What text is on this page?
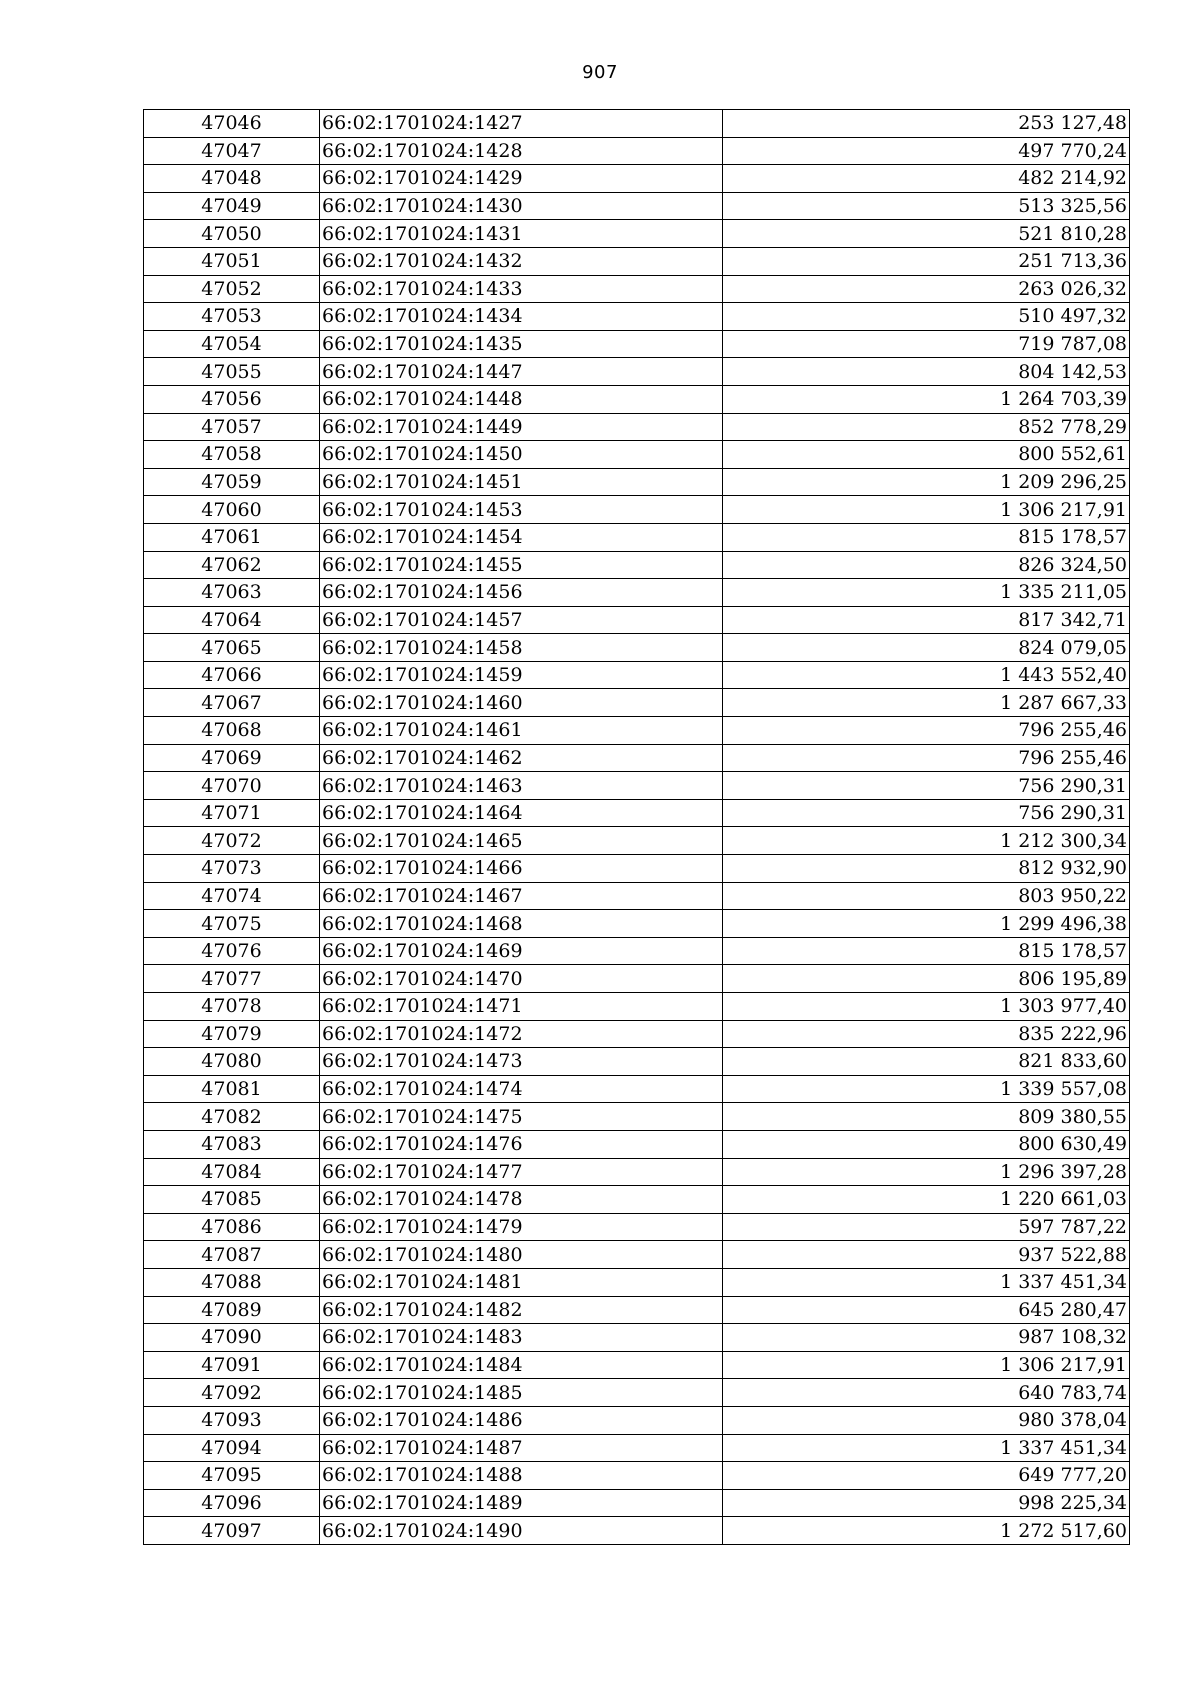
907
47046	66:02:1701024:1427	253 127,48
47047	66:02:1701024:1428	497 770,24
47048	66:02:1701024:1429	482 214,92
47049	66:02:1701024:1430	513 325,56
47050	66:02:1701024:1431	521 810,28
47051	66:02:1701024:1432	251 713,36
47052	66:02:1701024:1433	263 026,32
47053	66:02:1701024:1434	510 497,32
47054	66:02:1701024:1435	719 787,08
47055	66:02:1701024:1447	804 142,53
47056	66:02:1701024:1448	1 264 703,39
47057	66:02:1701024:1449	852 778,29
47058	66:02:1701024:1450	800 552,61
47059	66:02:1701024:1451	1 209 296,25
47060	66:02:1701024:1453	1 306 217,91
47061	66:02:1701024:1454	815 178,57
47062	66:02:1701024:1455	826 324,50
47063	66:02:1701024:1456	1 335 211,05
47064	66:02:1701024:1457	817 342,71
47065	66:02:1701024:1458	824 079,05
47066	66:02:1701024:1459	1 443 552,40
47067	66:02:1701024:1460	1 287 667,33
47068	66:02:1701024:1461	796 255,46
47069	66:02:1701024:1462	796 255,46
47070	66:02:1701024:1463	756 290,31
47071	66:02:1701024:1464	756 290,31
47072	66:02:1701024:1465	1 212 300,34
47073	66:02:1701024:1466	812 932,90
47074	66:02:1701024:1467	803 950,22
47075	66:02:1701024:1468	1 299 496,38
47076	66:02:1701024:1469	815 178,57
47077	66:02:1701024:1470	806 195,89
47078	66:02:1701024:1471	1 303 977,40
47079	66:02:1701024:1472	835 222,96
47080	66:02:1701024:1473	821 833,60
47081	66:02:1701024:1474	1 339 557,08
47082	66:02:1701024:1475	809 380,55
47083	66:02:1701024:1476	800 630,49
47084	66:02:1701024:1477	1 296 397,28
47085	66:02:1701024:1478	1 220 661,03
47086	66:02:1701024:1479	597 787,22
47087	66:02:1701024:1480	937 522,88
47088	66:02:1701024:1481	1 337 451,34
47089	66:02:1701024:1482	645 280,47
47090	66:02:1701024:1483	987 108,32
47091	66:02:1701024:1484	1 306 217,91
47092	66:02:1701024:1485	640 783,74
47093	66:02:1701024:1486	980 378,04
47094	66:02:1701024:1487	1 337 451,34
47095	66:02:1701024:1488	649 777,20
47096	66:02:1701024:1489	998 225,34
47097	66:02:1701024:1490	1 272 517,60
